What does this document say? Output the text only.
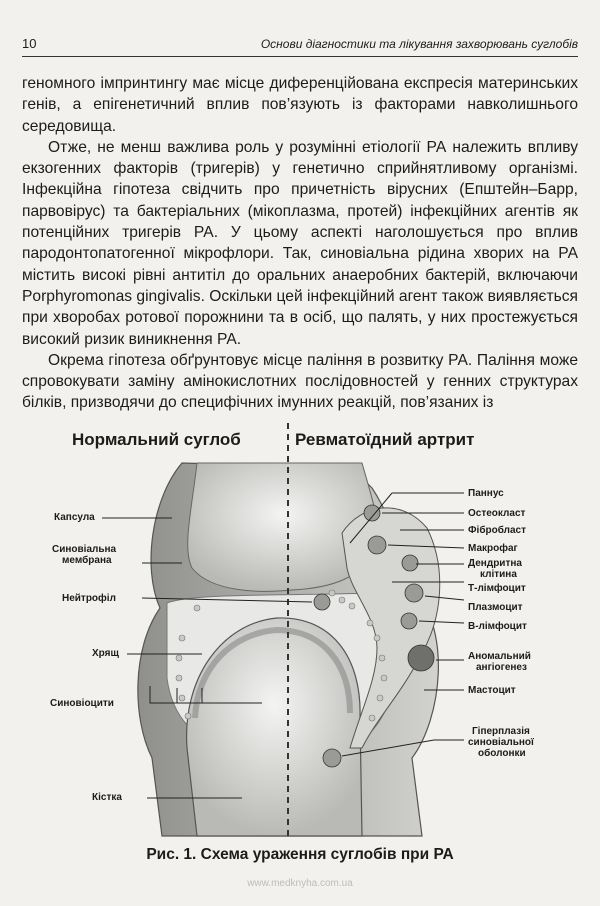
10	Основи діагностики та лікування захворювань суглобів

геномного імпринтингу має місце диференційована експресія материнських генів, а епігенетичний вплив пов’язують із факторами навколишнього середовища.

Отже, не менш важлива роль у розумінні етіології РА належить впливу екзогенних факторів (тригерів) у генетично сприйнятливому організмі. Інфекційна гіпотеза свідчить про причетність вірусних (Епштейн–Барр, парвовірус) та бактеріальних (мікоплазма, протей) інфекційних агентів як потенційних тригерів РА. У цьому аспекті наголошується про вплив пародонтопатогенної мікрофлори. Так, синовіальна рідина хворих на РА містить високі рівні антитіл до оральних анаеробних бактерій, включаючи Porphyromonas gingivalis. Оскільки цей інфекційний агент також виявляється при хворобах ротової порожнини та в осіб, що палять, у них простежується високий ризик виникнення РА.

Окрема гіпотеза обґрунтовує місце паління в розвитку РА. Паління може спровокувати заміну амінокислотних послідовностей у генних структурах білків, призводячи до специфічних імунних реакцій, пов’язаних із

Нормальний суглоб	Ревматоїдний артрит
Капсула
Синовіальна
мембрана
Нейтрофіл
Хрящ
Синовіоцити
Кістка
Паннус
Остеокласт
Фібробласт
Макрофаг
Дендритна
клітина
Т-лімфоцит
Плазмоцит
В-лімфоцит
Аномальний
ангіогенез
Мастоцит
Гіперплазія
синовіальної
оболонки
Рис. 1. Схема ураження суглобів при РА
www.medknyha.com.ua
